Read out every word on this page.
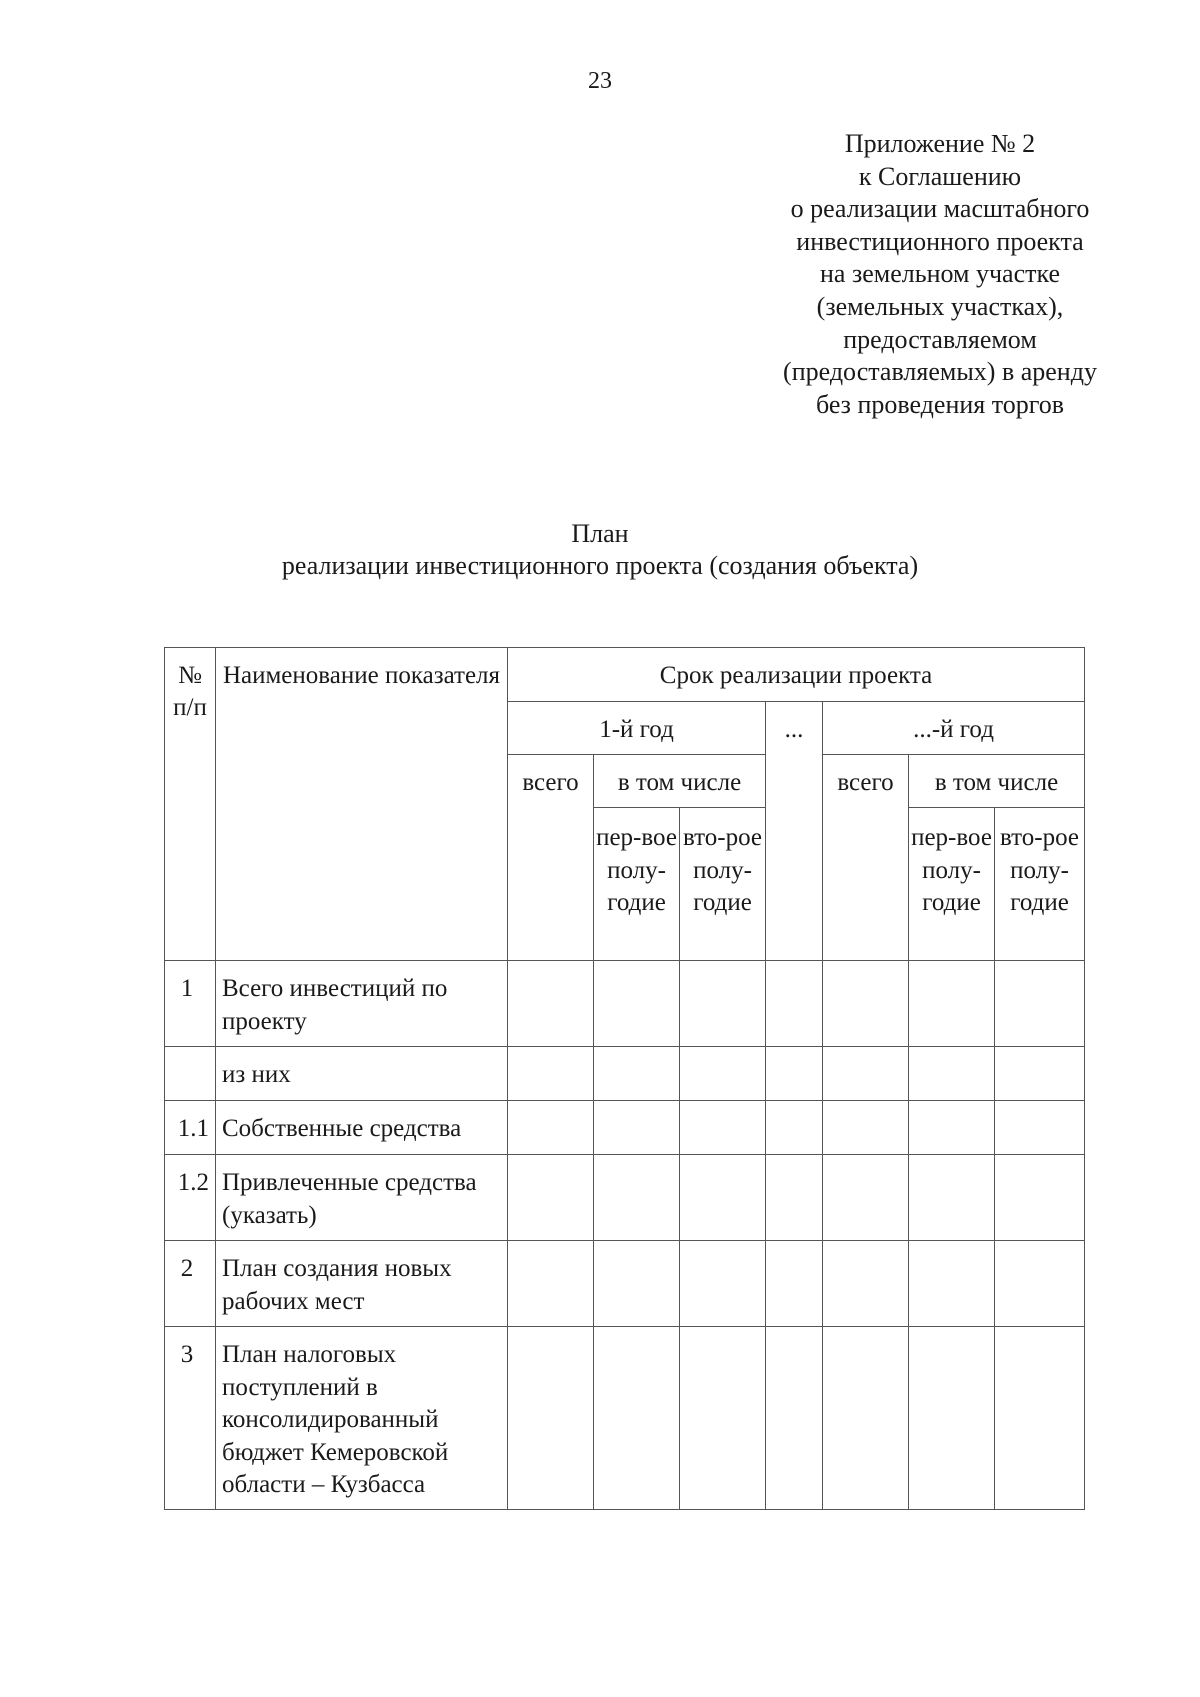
23
Приложение № 2
к Соглашению
о реализации масштабного
инвестиционного проекта
на земельном участке
(земельных участках),
предоставляемом
(предоставляемых) в аренду
без проведения торгов
План
реализации инвестиционного проекта (создания объекта)
№ п/п	Наименование показателя	Срок реализации проекта						
		1-й год			...	...-й год		
		всего	в том числе			всего	в том числе	
			пер-вое полу-годие	вто-рое полу-годие			пер-вое полу-годие	вто-рое полу-годие
1	Всего инвестиций по проекту							
	из них							
1.1	Собственные средства							
1.2	Привлеченные средства (указать)							
2	План создания новых рабочих мест							
3	План налоговых поступлений в консолидированный бюджет Кемеровской области – Кузбасса							
